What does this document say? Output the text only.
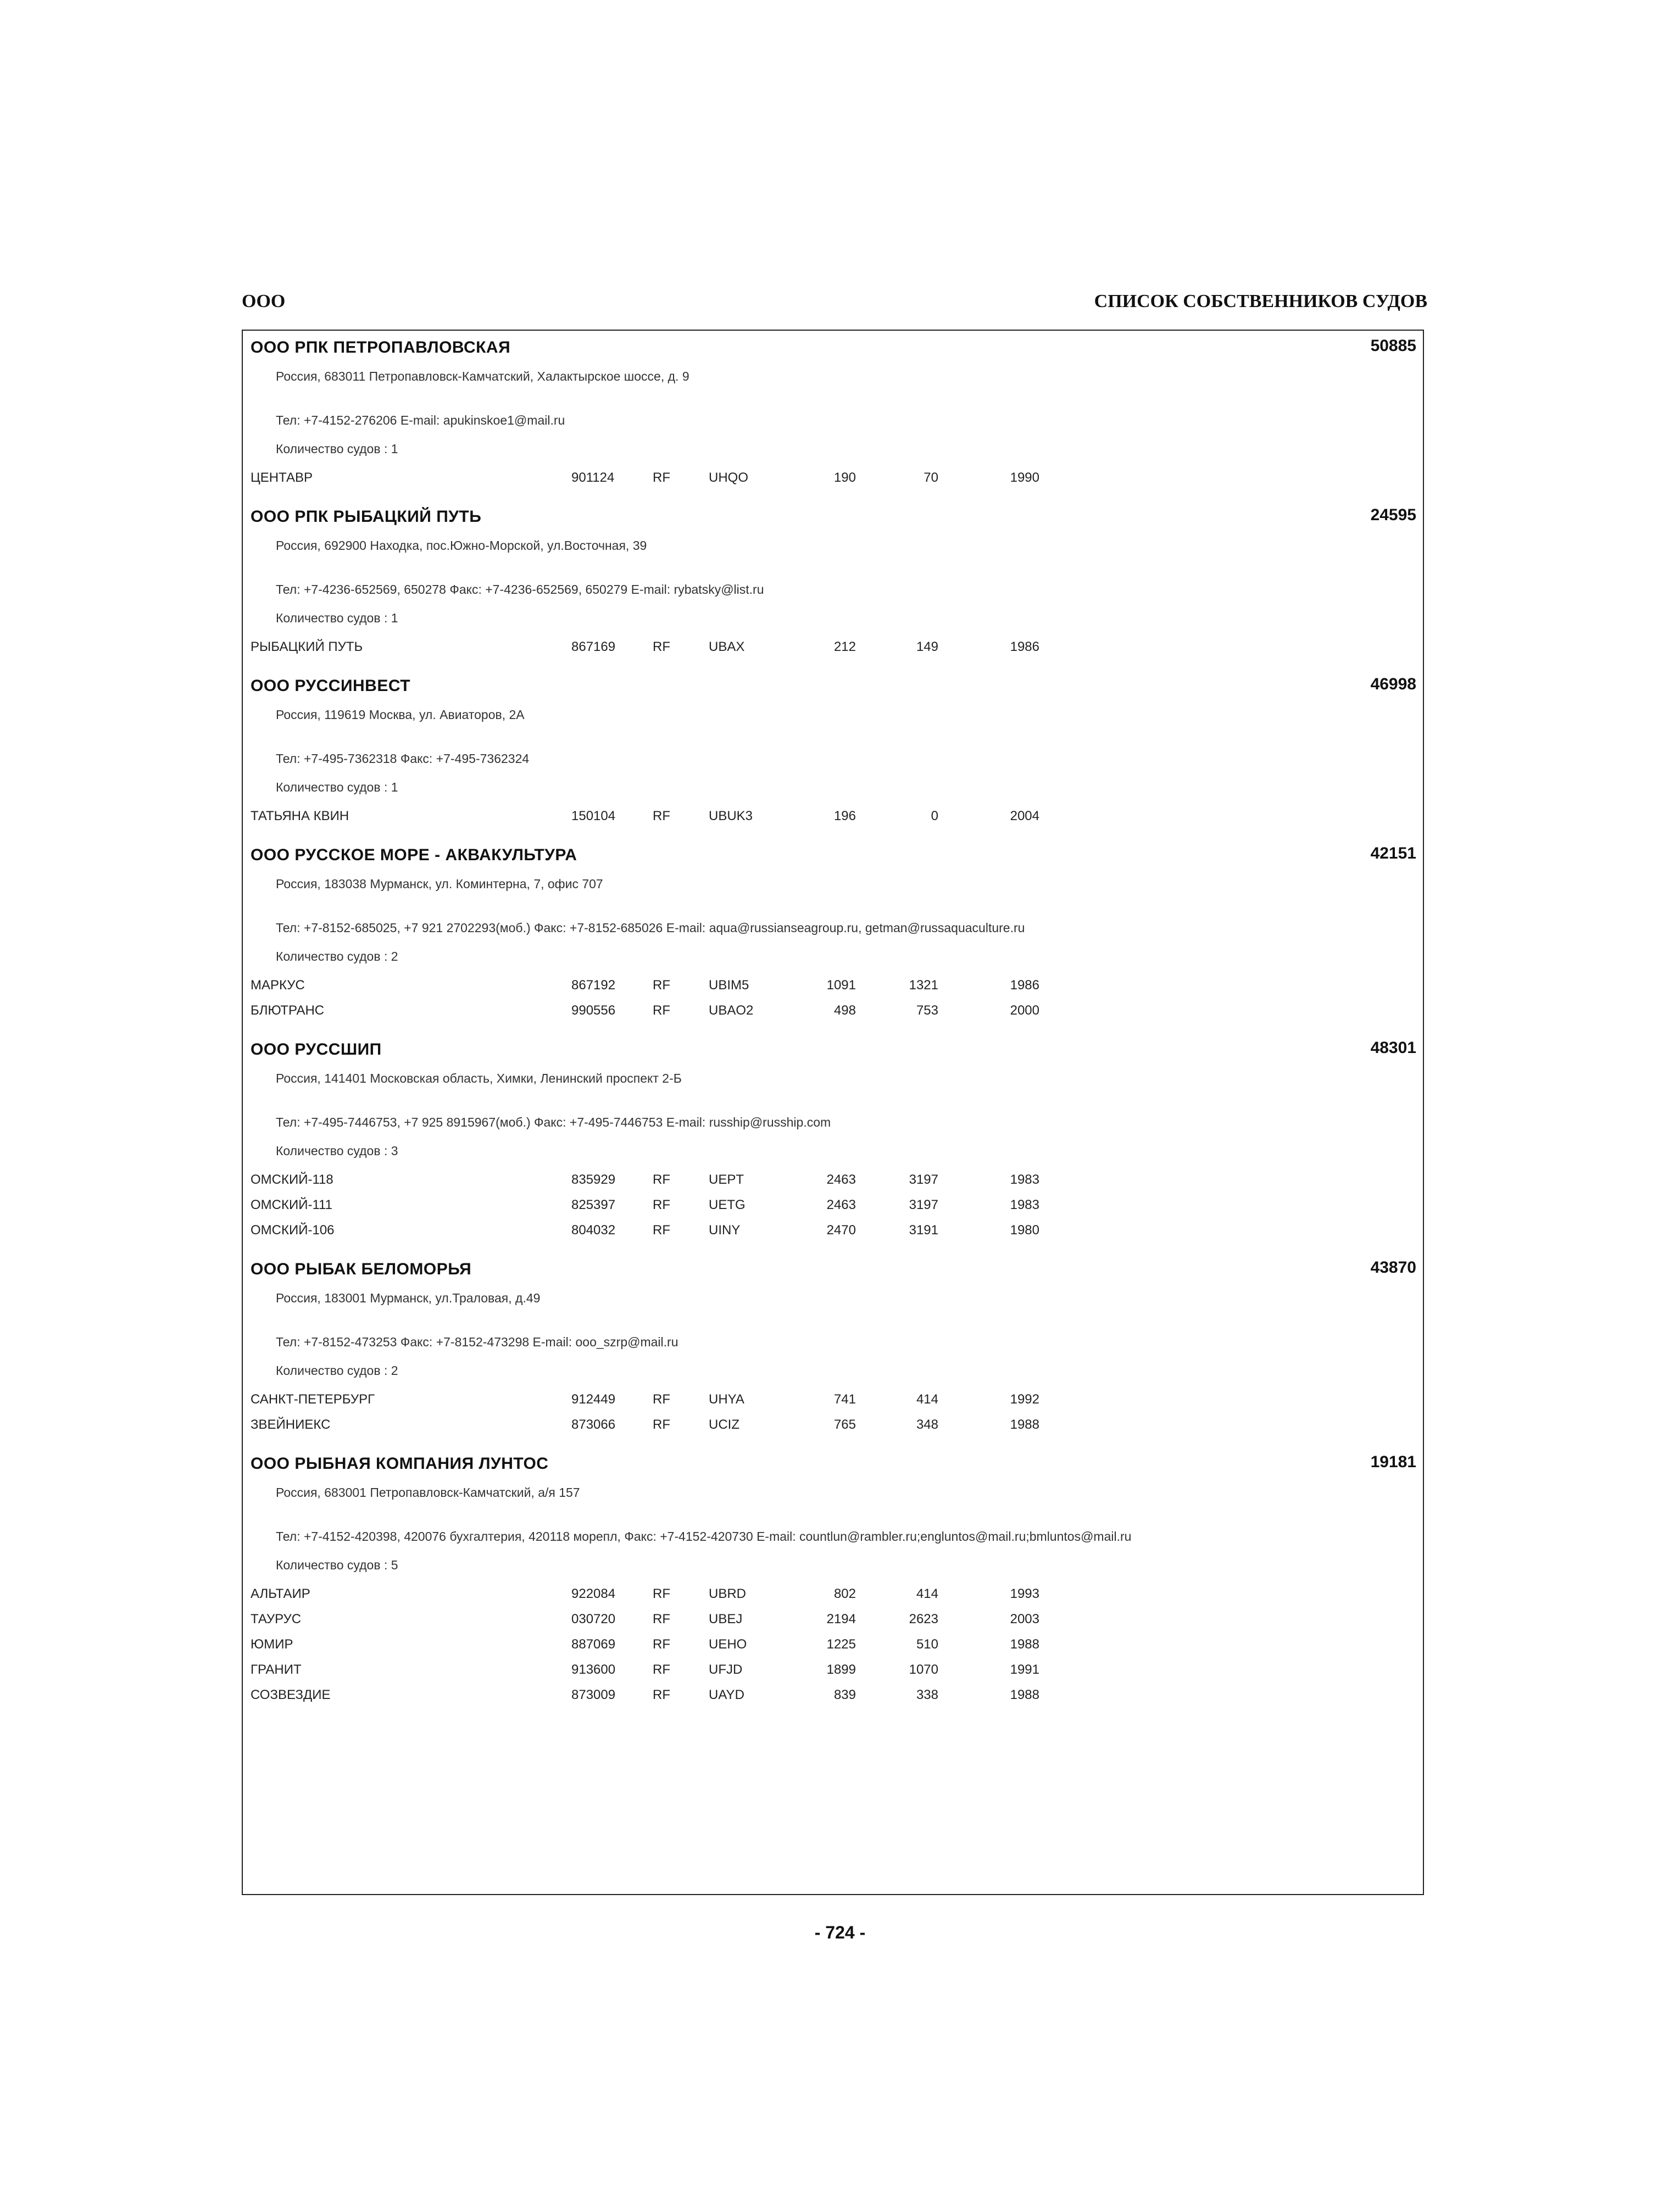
ООО	СПИСОК СОБСТВЕННИКОВ СУДОВ
ООО РПК ПЕТРОПАВЛОВСКАЯ	50885
Россия, 683011 Петропавловск-Камчатский, Халактырское шоссе, д. 9
Тел: +7-4152-276206 E-mail: apukinskoe1@mail.ru
Количество судов : 1
ЦЕНТАВР	901124	RF	UHQO	190	70	1990
ООО РПК РЫБАЦКИЙ ПУТЬ	24595
Россия, 692900 Находка, пос.Южно-Морской, ул.Восточная, 39
Тел: +7-4236-652569, 650278 Факс: +7-4236-652569, 650279 E-mail: rybatsky@list.ru
Количество судов : 1
РЫБАЦКИЙ ПУТЬ	867169	RF	UBAX	212	149	1986
ООО РУССИНВЕСТ	46998
Россия, 119619 Москва, ул. Авиаторов, 2А
Тел: +7-495-7362318 Факс: +7-495-7362324
Количество судов : 1
ТАТЬЯНА КВИН	150104	RF	UBUK3	196	0	2004
ООО РУССКОЕ МОРЕ - АКВАКУЛЬТУРА	42151
Россия, 183038 Мурманск, ул. Коминтерна, 7, офис 707
Тел: +7-8152-685025, +7 921 2702293(моб.) Факс: +7-8152-685026 E-mail: aqua@russianseagroup.ru, getman@russaquaculture.ru
Количество судов : 2
МАРКУС	867192	RF	UBIM5	1091	1321	1986
БЛЮТРАНС	990556	RF	UBAO2	498	753	2000
ООО РУССШИП	48301
Россия, 141401 Московская область, Химки, Ленинский проспект 2-Б
Тел: +7-495-7446753, +7 925 8915967(моб.) Факс: +7-495-7446753 E-mail: rusship@rusship.com
Количество судов : 3
ОМСКИЙ-118	835929	RF	UEPT	2463	3197	1983
ОМСКИЙ-111	825397	RF	UETG	2463	3197	1983
ОМСКИЙ-106	804032	RF	UINY	2470	3191	1980
ООО РЫБАК БЕЛОМОРЬЯ	43870
Россия, 183001 Мурманск, ул.Траловая, д.49
Тел: +7-8152-473253 Факс: +7-8152-473298 E-mail: ooo_szrp@mail.ru
Количество судов : 2
САНКТ-ПЕТЕРБУРГ	912449	RF	UHYA	741	414	1992
ЗВЕЙНИЕКС	873066	RF	UCIZ	765	348	1988
ООО РЫБНАЯ КОМПАНИЯ ЛУНТОС	19181
Россия, 683001 Петропавловск-Камчатский, а/я 157
Тел: +7-4152-420398, 420076 бухгалтерия, 420118 морепл, Факс: +7-4152-420730 E-mail: countlun@rambler.ru;engluntos@mail.ru;bmluntos@mail.ru
Количество судов : 5
АЛЬТАИР	922084	RF	UBRD	802	414	1993
ТАУРУС	030720	RF	UBEJ	2194	2623	2003
ЮМИР	887069	RF	UEHO	1225	510	1988
ГРАНИТ	913600	RF	UFJD	1899	1070	1991
СОЗВЕЗДИЕ	873009	RF	UAYD	839	338	1988
- 724 -
